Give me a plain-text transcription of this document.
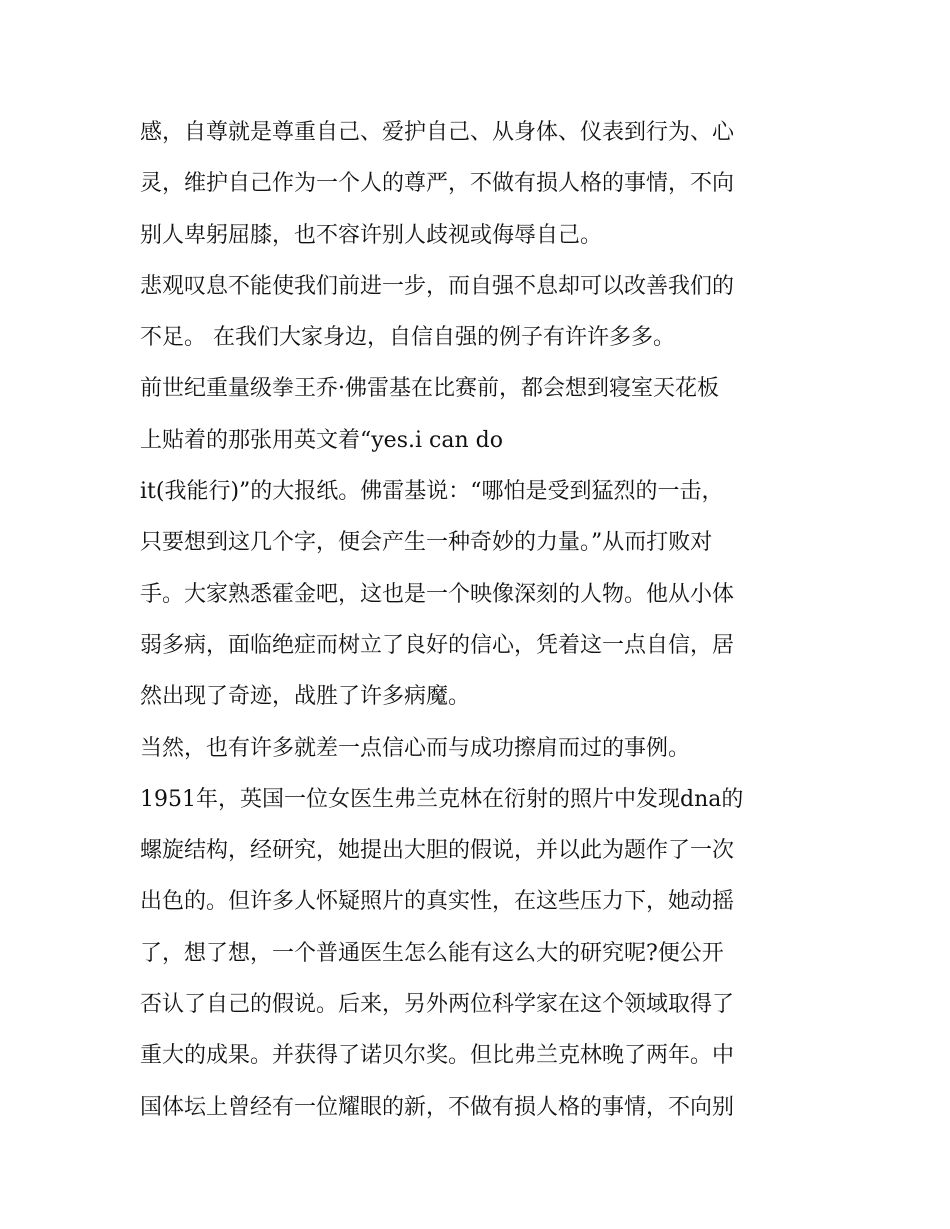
感，自尊就是尊重自己、爱护自己、从身体、仪表到行为、心
灵，维护自己作为一个人的尊严，不做有损人格的事情，不向
别人卑躬屈膝，也不容许别人歧视或侮辱自己。
悲观叹息不能使我们前进一步，而自强不息却可以改善我们的
不足。 在我们大家身边，自信自强的例子有许许多多。
前世纪重量级拳王乔·佛雷基在比赛前，都会想到寝室天花板
上贴着的那张用英文着“yes.i can do
it(我能行)”的大报纸。佛雷基说：“哪怕是受到猛烈的一击，
只要想到这几个字，便会产生一种奇妙的力量。”从而打败对
手。大家熟悉霍金吧，这也是一个映像深刻的人物。他从小体
弱多病，面临绝症而树立了良好的信心，凭着这一点自信，居
然出现了奇迹，战胜了许多病魔。
当然，也有许多就差一点信心而与成功擦肩而过的事例。
1951年，英国一位女医生弗兰克林在衍射的照片中发现dna的
螺旋结构，经研究，她提出大胆的假说，并以此为题作了一次
出色的。但许多人怀疑照片的真实性，在这些压力下，她动摇
了，想了想，一个普通医生怎么能有这么大的研究呢?便公开
否认了自己的假说。后来，另外两位科学家在这个领域取得了
重大的成果。并获得了诺贝尔奖。但比弗兰克林晚了两年。中
国体坛上曾经有一位耀眼的新，不做有损人格的事情，不向别
